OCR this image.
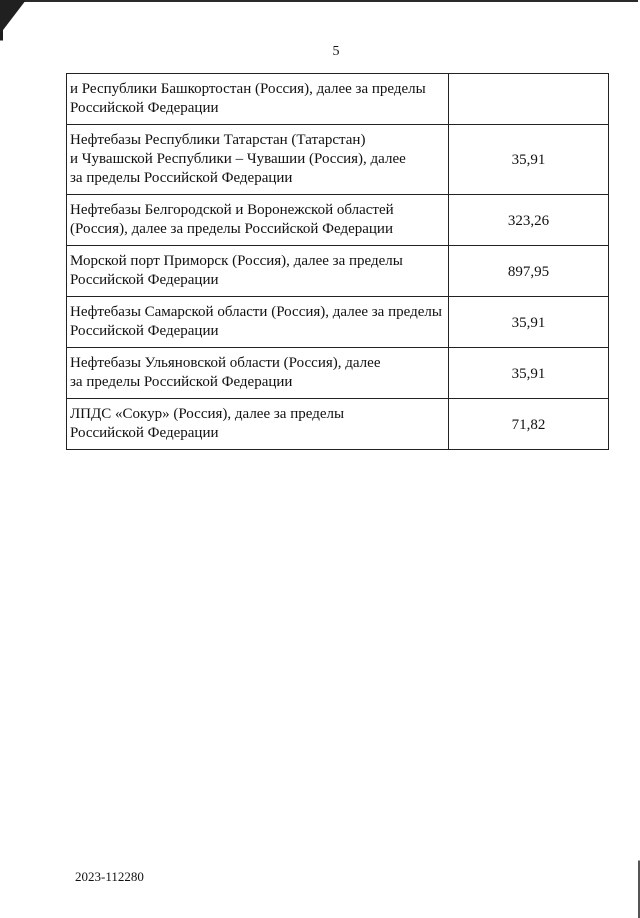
5
и Республики Башкортостан (Россия), далее за пределы
Российской Федерации	
Нефтебазы Республики Татарстан (Татарстан)
и Чувашской Республики – Чувашии (Россия), далее
за пределы Российской Федерации	35,91
Нефтебазы Белгородской и Воронежской областей
(Россия), далее за пределы Российской Федерации	323,26
Морской порт Приморск (Россия), далее за пределы
Российской Федерации	897,95
Нефтебазы Самарской области (Россия), далее за пределы
Российской Федерации	35,91
Нефтебазы Ульяновской области (Россия), далее
за пределы Российской Федерации	35,91
ЛПДС «Сокур» (Россия), далее за пределы
Российской Федерации	71,82
2023-112280
